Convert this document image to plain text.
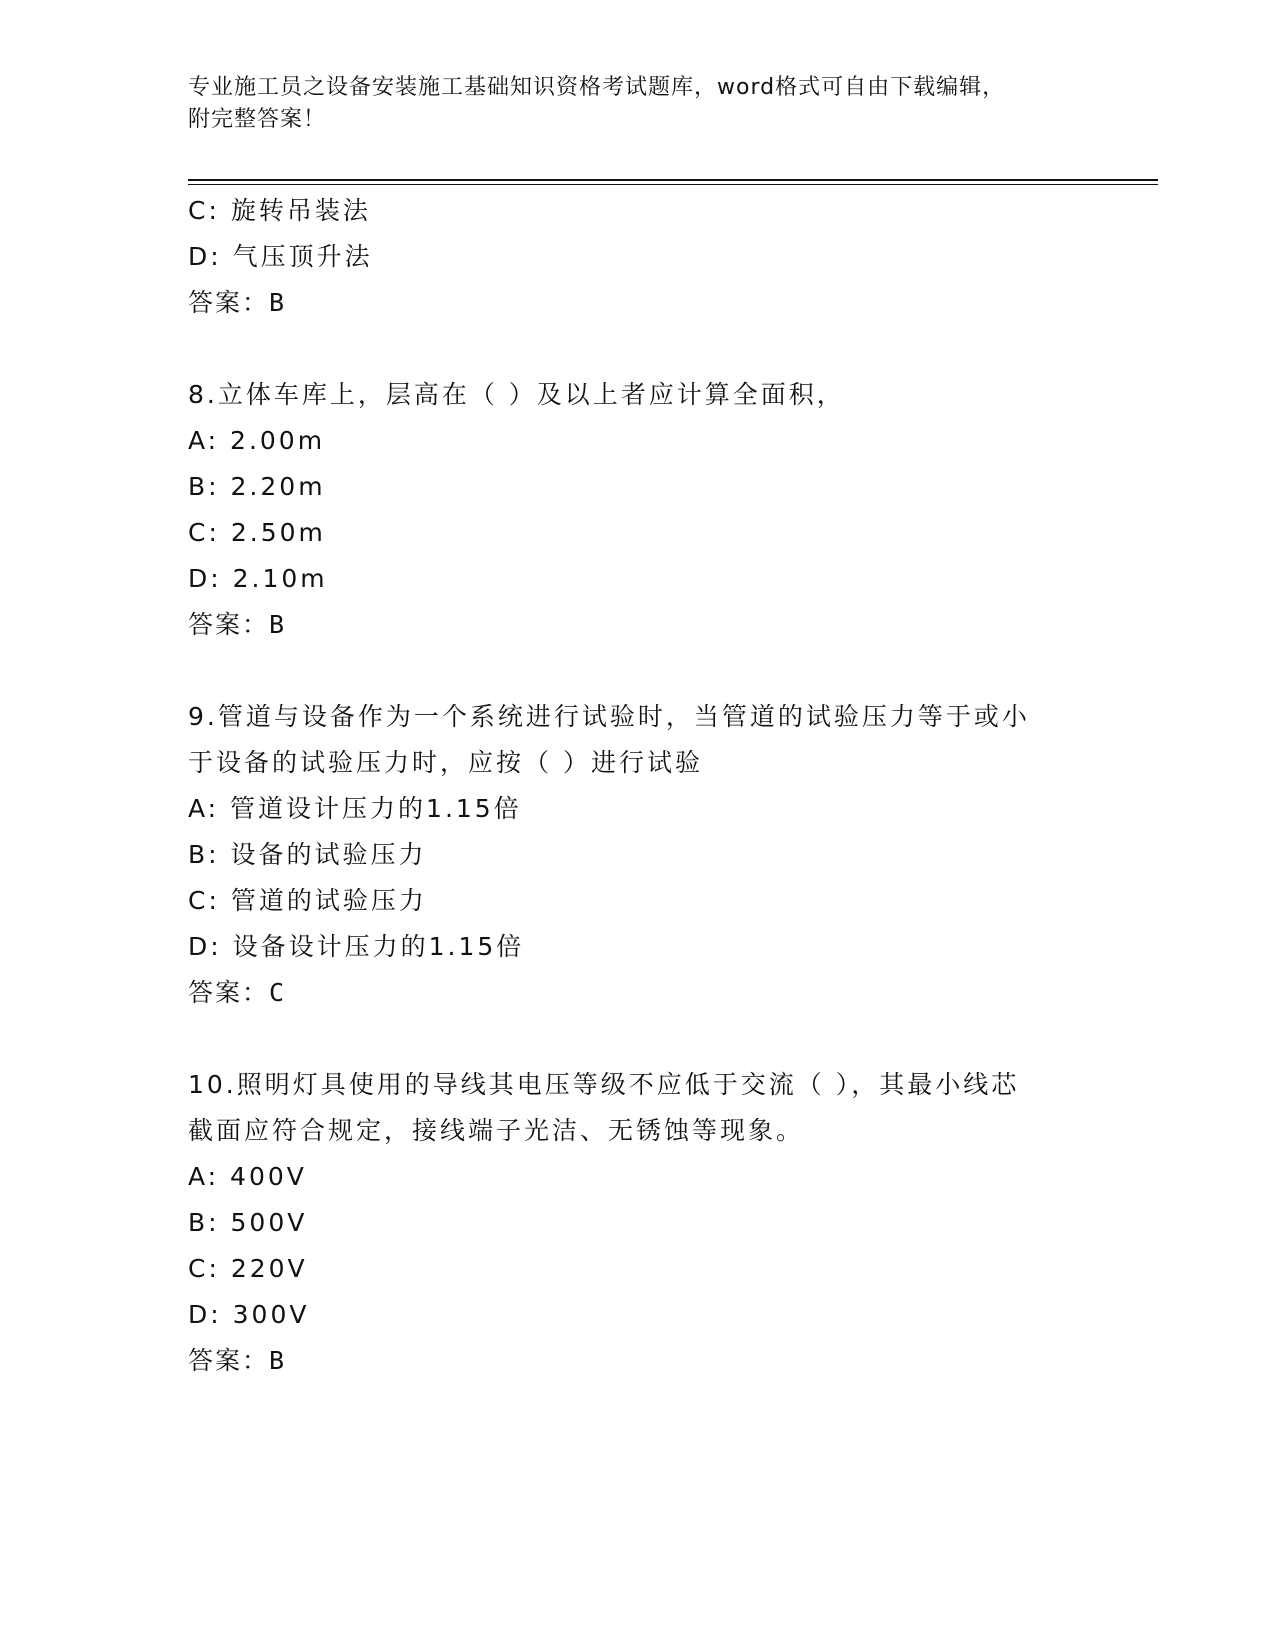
专业施工员之设备安装施工基础知识资格考试题库，word格式可自由下载编辑，
附完整答案！
C: 旋转吊装法
D: 气压顶升法
答案：B
8.立体车库上，层高在（ ）及以上者应计算全面积，
A: 2.00m
B: 2.20m
C: 2.50m
D: 2.10m
答案：B
9.管道与设备作为一个系统进行试验时，当管道的试验压力等于或小
于设备的试验压力时，应按（ ）进行试验
A: 管道设计压力的1.15倍
B: 设备的试验压力
C: 管道的试验压力
D: 设备设计压力的1.15倍
答案：C
10.照明灯具使用的导线其电压等级不应低于交流（ ），其最小线芯
截面应符合规定，接线端子光洁、无锈蚀等现象。
A: 400V
B: 500V
C: 220V
D: 300V
答案：B
